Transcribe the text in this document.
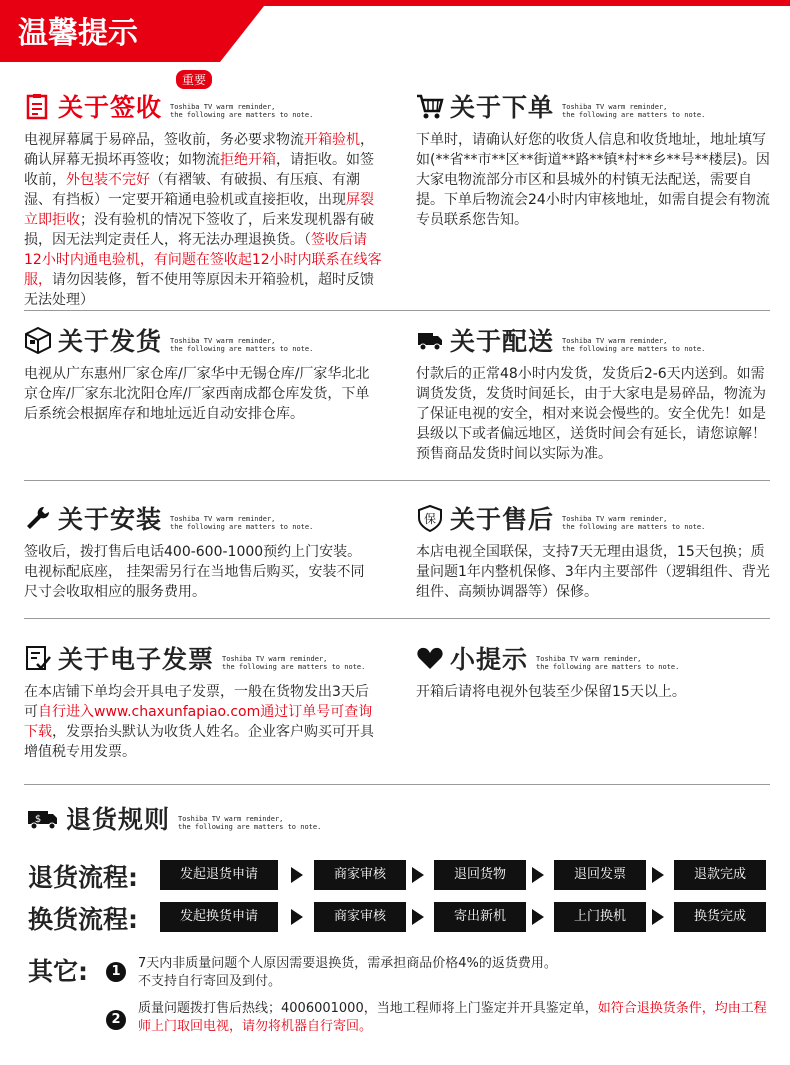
温馨提示
关于签收 Toshiba TV warm reminder,
the following are matters to note.
重要
电视屏幕属于易碎品，签收前，务必要求物流开箱验机，确认屏幕无损坏再签收；如物流拒绝开箱，请拒收。如签收前，外包装不完好（有褶皱、有破损、有压痕、有潮湿、有挡板）一定要开箱通电验机或直接拒收，出现屏裂立即拒收；没有验机的情况下签收了，后来发现机器有破损，因无法判定责任人，将无法办理退换货。（签收后请12小时内通电验机，有问题在签收起12小时内联系在线客服，请勿因装修，暂不使用等原因未开箱验机，超时反馈无法处理）
关于下单 Toshiba TV warm reminder,
the following are matters to note.
下单时，请确认好您的收货人信息和收货地址，地址填写如(**省**市**区**街道**路**镇*村**乡**号**楼层)。因大家电物流部分市区和县城外的村镇无法配送，需要自提。下单后物流会24小时内审核地址，如需自提会有物流专员联系您告知。
关于发货 Toshiba TV warm reminder,
the following are matters to note.
电视从广东惠州厂家仓库/厂家华中无锡仓库/厂家华北北京仓库/厂家东北沈阳仓库/厂家西南成都仓库发货，下单后系统会根据库存和地址远近自动安排仓库。
关于配送 Toshiba TV warm reminder,
the following are matters to note.
付款后的正常48小时内发货，发货后2-6天内送到。如需调货发货，发货时间延长，由于大家电是易碎品，物流为了保证电视的安全，相对来说会慢些的。安全优先！如是县级以下或者偏远地区，送货时间会有延长，请您谅解！预售商品发货时间以实际为准。
关于安装 Toshiba TV warm reminder,
the following are matters to note.
签收后，拨打售后电话400-600-1000预约上门安装。电视标配底座， 挂架需另行在当地售后购买，安装不同尺寸会收取相应的服务费用。
保 关于售后 Toshiba TV warm reminder,
the following are matters to note.
本店电视全国联保，支持7天无理由退货，15天包换；质量问题1年内整机保修、3年内主要部件（逻辑组件、背光组件、高频协调器等）保修。
关于电子发票 Toshiba TV warm reminder,
the following are matters to note.
在本店铺下单均会开具电子发票，一般在货物发出3天后可自行进入www.chaxunfapiao.com通过订单号可查询下载，发票抬头默认为收货人姓名。企业客户购买可开具增值税专用发票。
小提示 Toshiba TV warm reminder,
the following are matters to note.
开箱后请将电视外包装至少保留15天以上。
$ 退货规则 Toshiba TV warm reminder,
the following are matters to note.
退货流程:	发起退货申请	商家审核	退回货物	退回发票	退款完成
换货流程:	发起换货申请	商家审核	寄出新机	上门换机	换货完成
其它:	1
7天内非质量问题个人原因需要退换货，需承担商品价格4%的返货费用。
不支持自行寄回及到付。
2
质量问题拨打售后热线；4006001000，当地工程师将上门鉴定并开具鉴定单，如符合退换货条件，均由工程师上门取回电视，请勿将机器自行寄回。
